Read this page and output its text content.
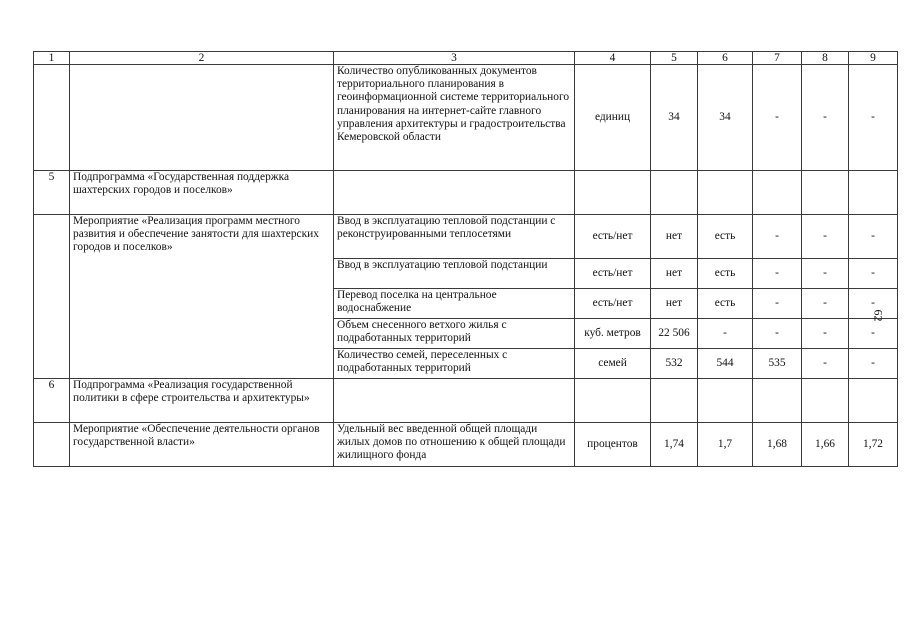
1	2	3	4	5	6	7	8	9
		Количество опубликованных документов территориального планирования в геоинформационной системе территориального планирования на интернет-сайте главного управления архитектуры и градостроительства Кемеровской области	единиц	34	34	-	-	-
5	Подпрограмма «Государственная поддержка шахтерских городов и поселков»							
	Мероприятие «Реализация программ местного развития и обеспечение занятости для шахтерских городов и поселков»	Ввод в эксплуатацию тепловой подстанции с реконструированными теплосетями	есть/нет	нет	есть	-	-	-
		Ввод в эксплуатацию тепловой подстанции	есть/нет	нет	есть	-	-	-
		Перевод поселка на центральное водоснабжение	есть/нет	нет	есть	-	-	-
		Объем снесенного ветхого жилья с подработанных территорий	куб. метров	22 506	-	-	-	-
		Количество семей, переселенных с подработанных территорий	семей	532	544	535	-	-
6	Подпрограмма «Реализация государственной политики в сфере строительства и архитектуры»							
	Мероприятие «Обеспечение деятельности органов государственной власти»	Удельный вес введенной общей площади жилых домов по отношению к общей площади жилищного фонда	процентов	1,74	1,7	1,68	1,66	1,72
62
